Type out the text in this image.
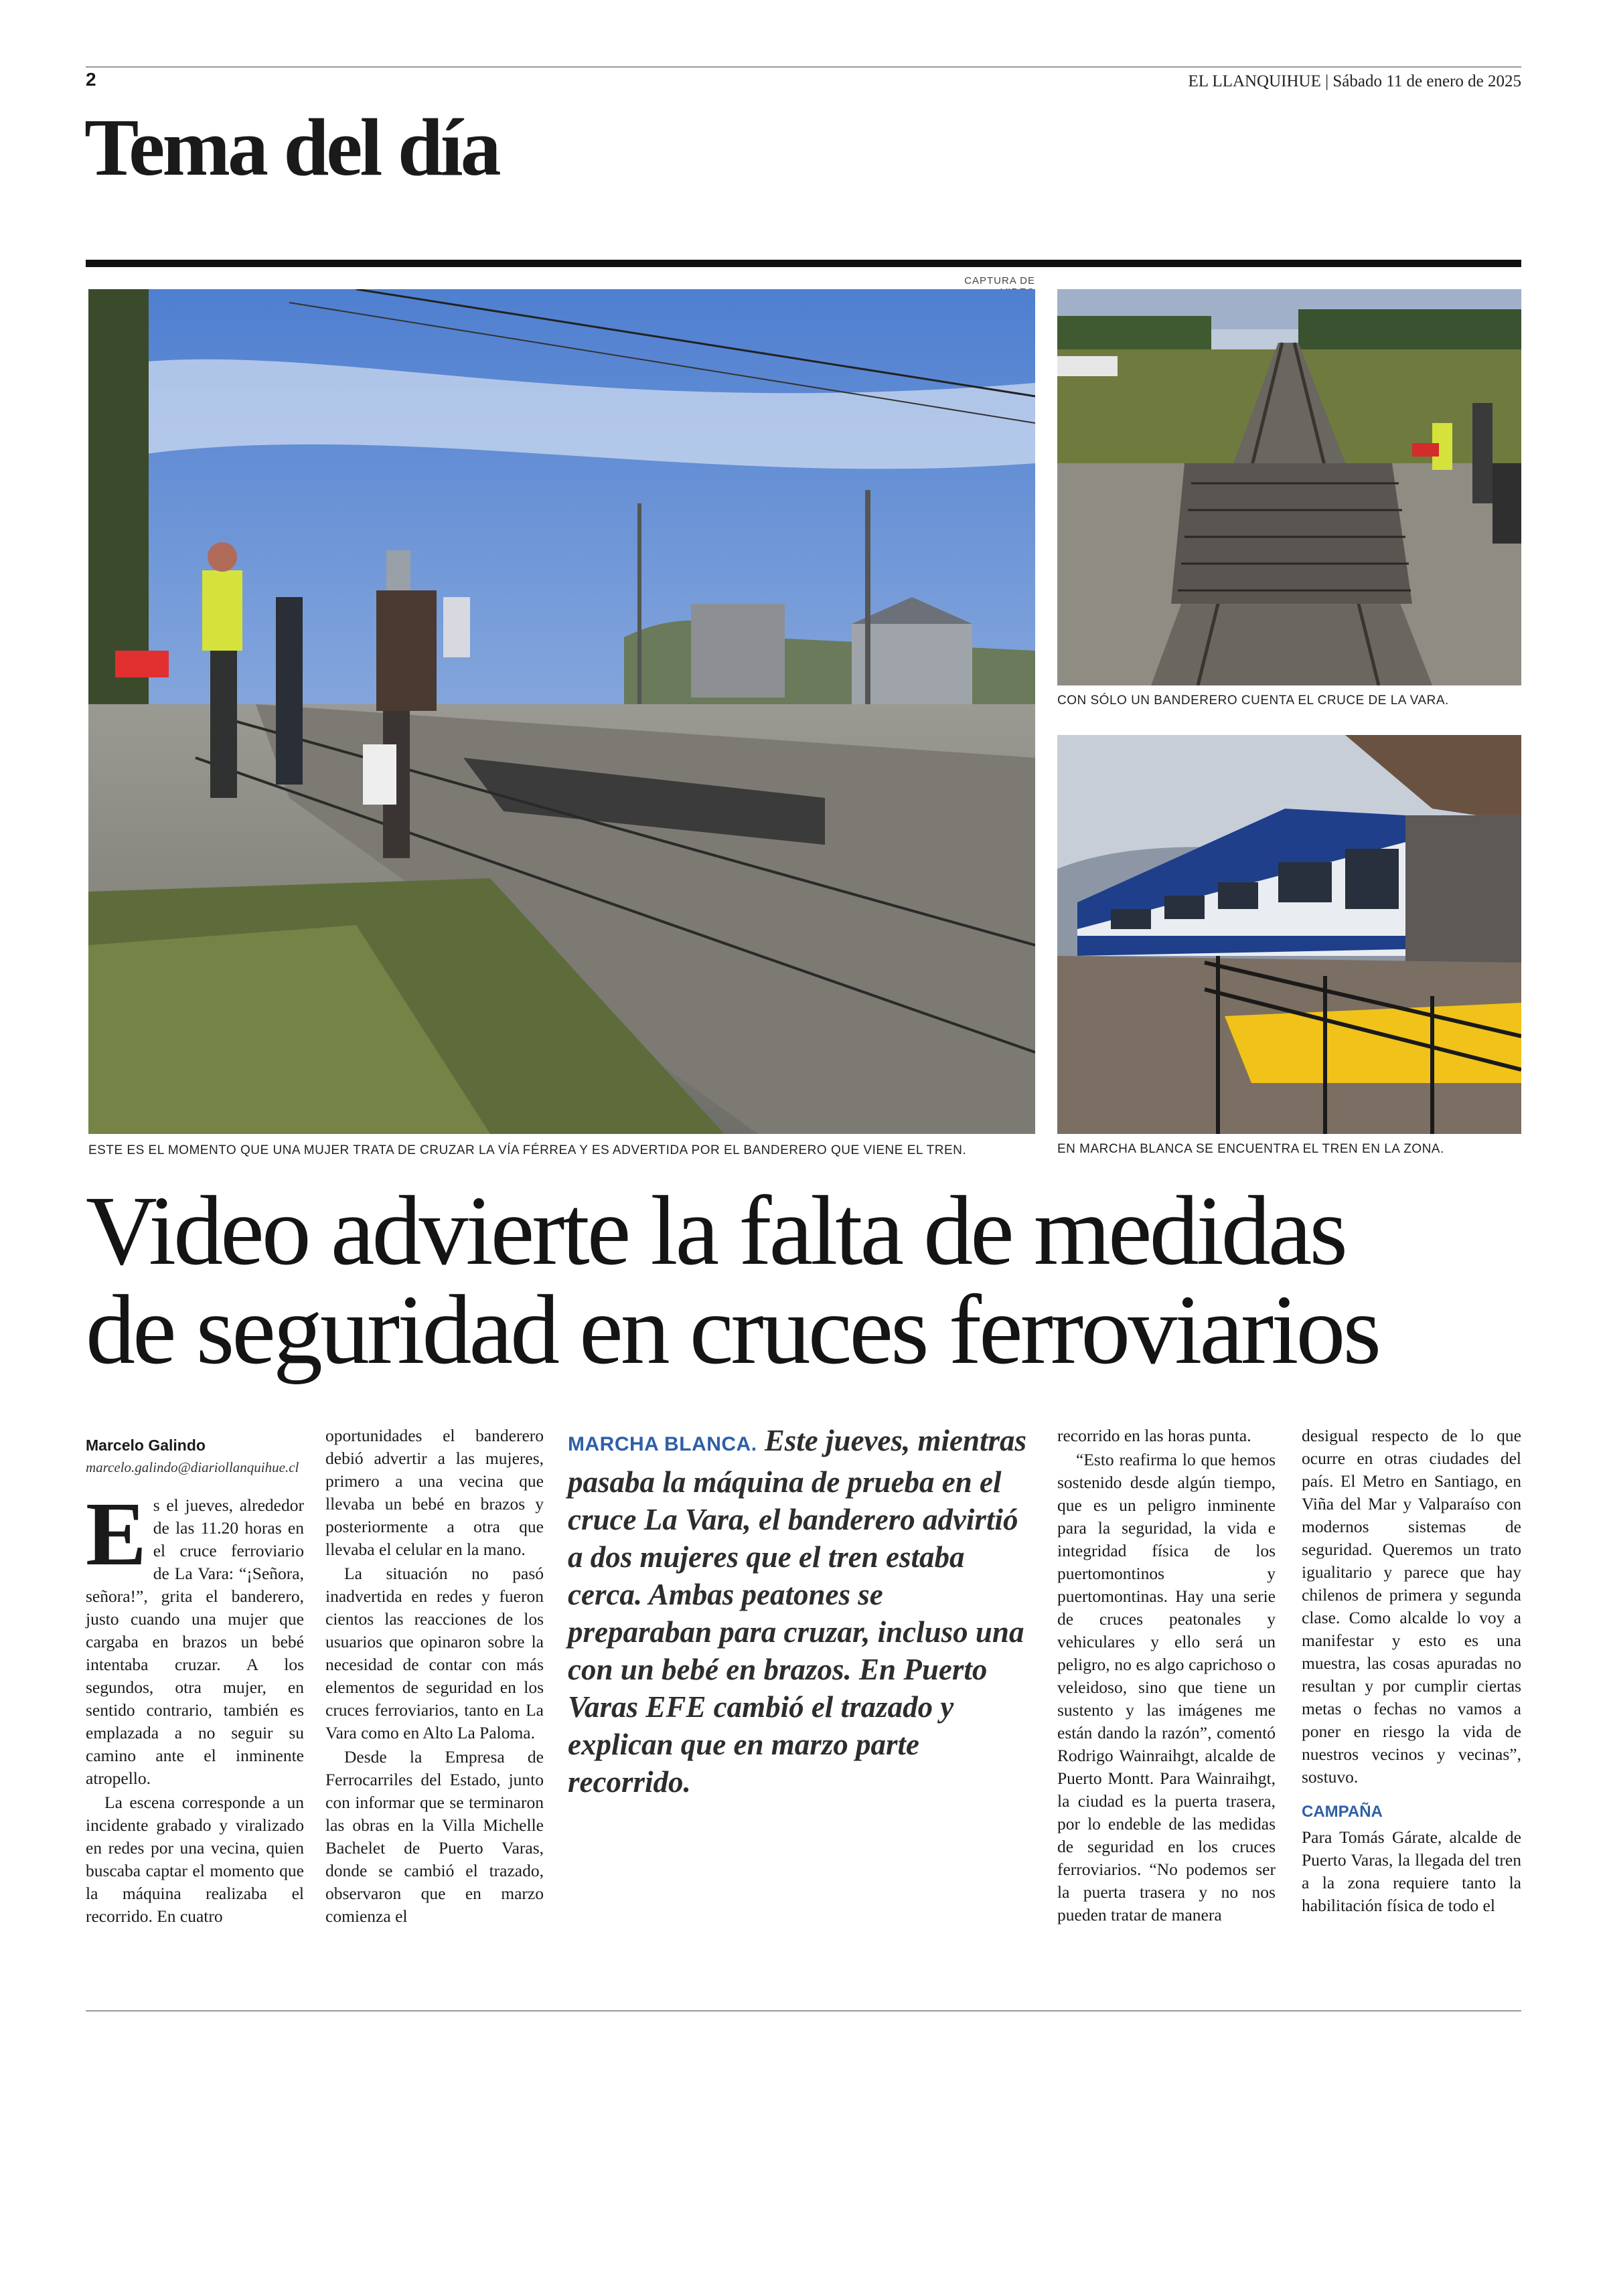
2	EL LLANQUIHUE | Sábado 11 de enero de 2025
Tema del día
CAPTURA DE
ESTE ES EL MOMENTO QUE UNA MUJER TRATA DE CRUZAR LA VÍA FÉRREA Y ES ADVERTIDA POR EL BANDERERO QUE VIENE EL TREN.
CON SÓLO UN BANDERERO CUENTA EL CRUCE DE LA VARA.
EN MARCHA BLANCA SE ENCUENTRA EL TREN EN LA ZONA.
Video advierte la falta de medidas
de seguridad en cruces ferroviarios
Marcelo Galindo
marcelo.galindo@diariollanquihue.cl

Es el jueves, alrededor de las 11.20 horas en el cruce ferroviario de La Vara: “¡Señora, señora!”, grita el banderero, justo cuando una mujer que cargaba en brazos un bebé intentaba cruzar. A los segundos, otra mujer, en sentido contrario, también es emplazada a no seguir su camino ante el inminente atropello.

La escena corresponde a un incidente grabado y viralizado en redes por una vecina, quien buscaba captar el momento que la máquina realizaba el recorrido. En cuatro

oportunidades el banderero debió advertir a las mujeres, primero a una vecina que llevaba un bebé en brazos y posteriormente a otra que llevaba el celular en la mano.

La situación no pasó inadvertida en redes y fueron cientos las reacciones de los usuarios que opinaron sobre la necesidad de contar con más elementos de seguridad en los cruces ferroviarios, tanto en La Vara como en Alto La Paloma.

Desde la Empresa de Ferrocarriles del Estado, junto con informar que se terminaron las obras en la Villa Michelle Bachelet de Puerto Varas, donde se cambió el trazado, observaron que en marzo comienza el

MARCHA BLANCA. Este jueves, mientras pasaba la máquina de prueba en el cruce La Vara, el banderero advirtió a dos mujeres que el tren estaba cerca. Ambas peatones se preparaban para cruzar, incluso una con un bebé en brazos. En Puerto Varas EFE cambió el trazado y explican que en marzo parte recorrido.

recorrido en las horas punta.

“Esto reafirma lo que hemos sostenido desde algún tiempo, que es un peligro inminente para la seguridad, la vida e integridad física de los puertomontinos y puertomontinas. Hay una serie de cruces peatonales y vehiculares y ello será un peligro, no es algo caprichoso o veleidoso, sino que tiene un sustento y las imágenes me están dando la razón”, comentó Rodrigo Wainraihgt, alcalde de Puerto Montt. Para Wainraihgt, la ciudad es la puerta trasera, por lo endeble de las medidas de seguridad en los cruces ferroviarios. “No podemos ser la puerta trasera y no nos pueden tratar de manera

desigual respecto de lo que ocurre en otras ciudades del país. El Metro en Santiago, en Viña del Mar y Valparaíso con modernos sistemas de seguridad. Queremos un trato igualitario y parece que hay chilenos de primera y segunda clase. Como alcalde lo voy a manifestar y esto es una muestra, las cosas apuradas no resultan y por cumplir ciertas metas o fechas no vamos a poner en riesgo la vida de nuestros vecinos y vecinas”, sostuvo.

CAMPAÑA

Para Tomás Gárate, alcalde de Puerto Varas, la llegada del tren a la zona requiere tanto la habilitación física de todo el
